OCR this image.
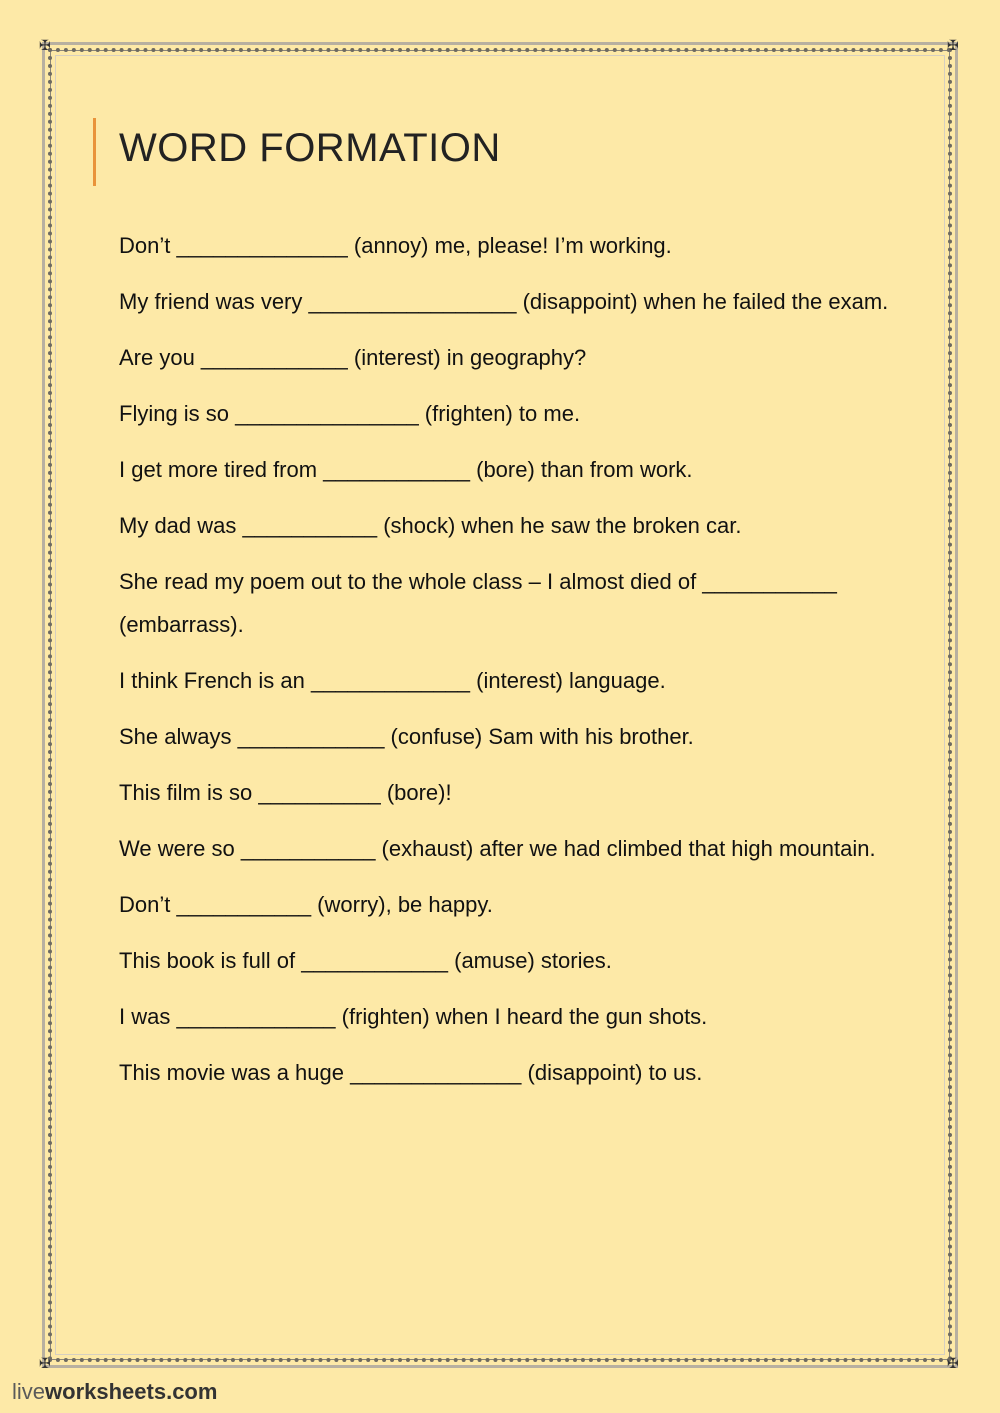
✠	✠
✠	✠
WORD FORMATION
Don’t ______________ (annoy) me, please! I’m working.
My friend was very _________________ (disappoint) when he failed the exam.
Are you ____________ (interest) in geography?
Flying is so _______________ (frighten) to me.
I get more tired from ____________ (bore) than from work.
My dad was ___________ (shock) when he saw the broken car.
She read my poem out to the whole class – I almost died of ___________ (embarrass).
I think French is an _____________ (interest) language.
She always ____________ (confuse) Sam with his brother.
This film is so __________ (bore)!
We were so ___________ (exhaust) after we had climbed that high mountain.
Don’t ___________ (worry), be happy.
This book is full of ____________ (amuse) stories.
I was _____________ (frighten) when I heard the gun shots.
This movie was a huge ______________ (disappoint) to us.
liveworksheets.com
